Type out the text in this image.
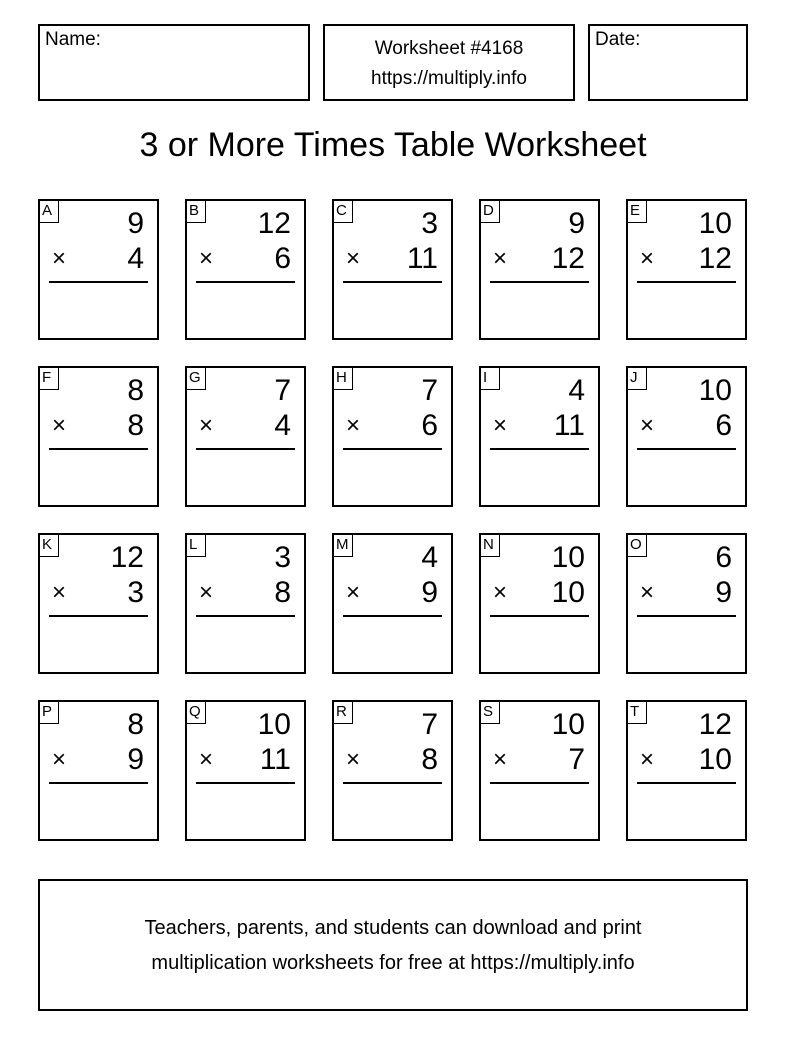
Name:	Worksheet #4168
https://multiply.info
Date:
3 or More Times Table Worksheet
A	9
× 4
B 12
× 6
C 3
× 11
D 9
× 12
E 10
× 12
F	8
× 8
G 7
× 4
H 7
× 6
I	4
× 11
J	10
× 6
K 12
× 3
L	3
× 8
M 4
× 9
N 10
× 10
O 6
× 9
P	8
× 9
Q 10
× 11
R 7
× 8
S 10
× 7
T 12
× 10
Teachers, parents, and students can download and print
multiplication worksheets for free at https://multiply.info
